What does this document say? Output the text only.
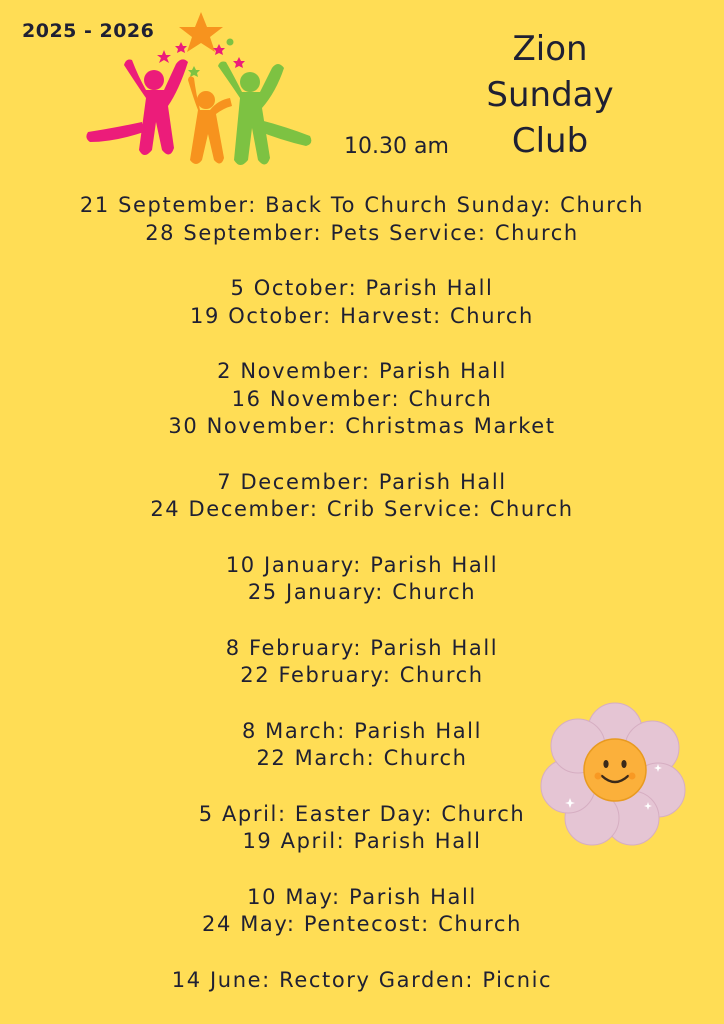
2025 - 2026	Zion
Sunday
Club
10.30 am
21 September: Back To Church Sunday: Church
28 September: Pets Service: Church
5 October: Parish Hall
19 October: Harvest: Church
2 November: Parish Hall
16 November: Church
30 November: Christmas Market
7 December: Parish Hall
24 December: Crib Service: Church
10 January: Parish Hall
25 January: Church
8 February: Parish Hall
22 February: Church
8 March: Parish Hall
22 March: Church
5 April: Easter Day: Church
19 April: Parish Hall
10 May: Parish Hall
24 May: Pentecost: Church
14 June: Rectory Garden: Picnic
